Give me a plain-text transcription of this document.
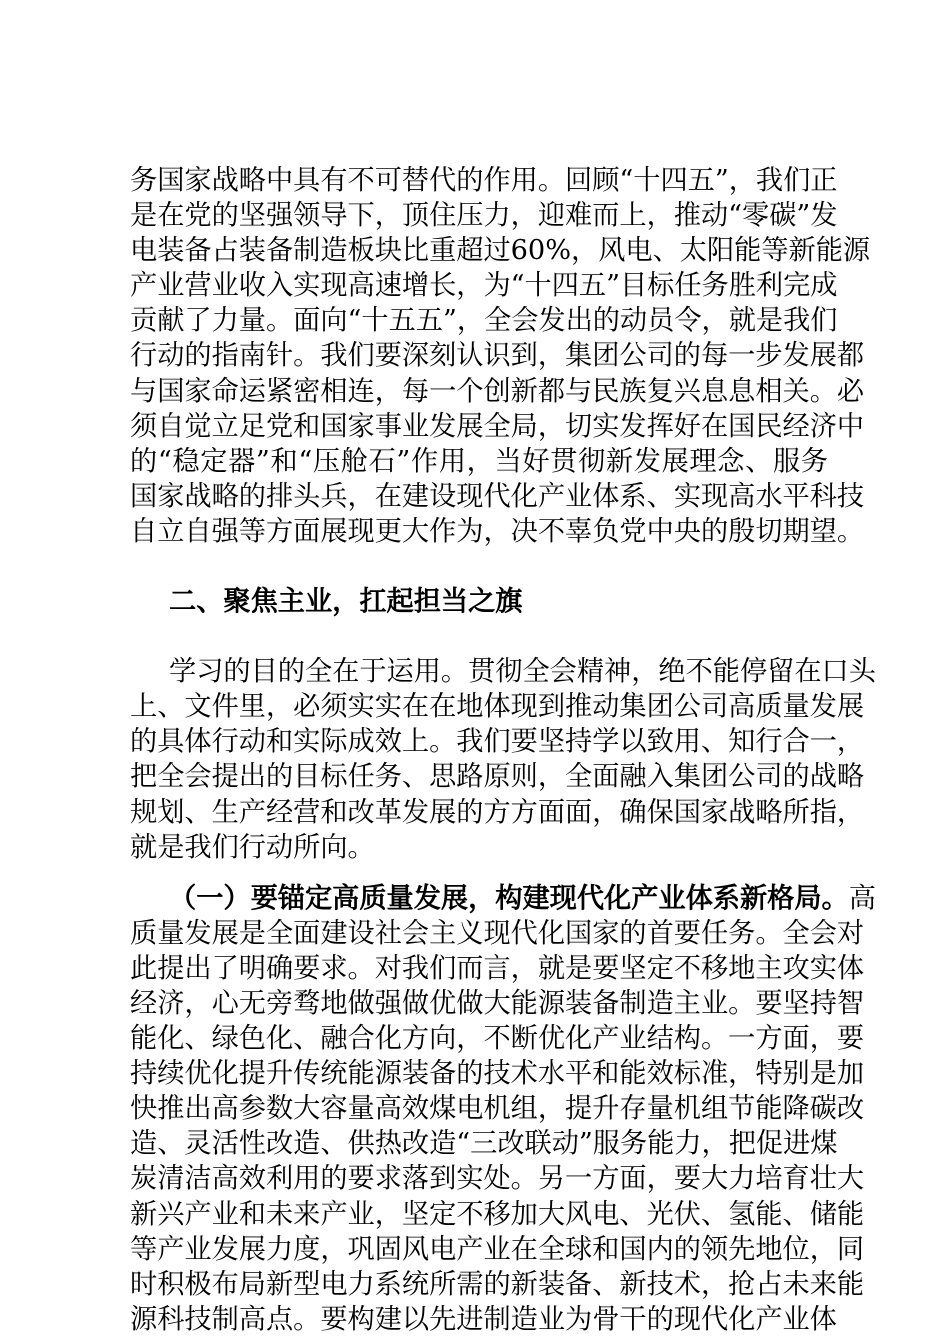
务国家战略中具有不可替代的作用。回顾“十四五”，我们正
是在党的坚强领导下，顶住压力，迎难而上，推动“零碳”发
电装备占装备制造板块比重超过60%，风电、太阳能等新能源
产业营业收入实现高速增长，为“十四五”目标任务胜利完成
贡献了力量。面向“十五五”，全会发出的动员令，就是我们
行动的指南针。我们要深刻认识到，集团公司的每一步发展都
与国家命运紧密相连，每一个创新都与民族复兴息息相关。必
须自觉立足党和国家事业发展全局，切实发挥好在国民经济中
的“稳定器”和“压舱石”作用，当好贯彻新发展理念、服务
国家战略的排头兵，在建设现代化产业体系、实现高水平科技
自立自强等方面展现更大作为，决不辜负党中央的殷切期望。
二、聚焦主业，扛起担当之旗
学习的目的全在于运用。贯彻全会精神，绝不能停留在口头
上、文件里，必须实实在在地体现到推动集团公司高质量发展
的具体行动和实际成效上。我们要坚持学以致用、知行合一，
把全会提出的目标任务、思路原则，全面融入集团公司的战略
规划、生产经营和改革发展的方方面面，确保国家战略所指，
就是我们行动所向。
（一）要锚定高质量发展，构建现代化产业体系新格局。高
质量发展是全面建设社会主义现代化国家的首要任务。全会对
此提出了明确要求。对我们而言，就是要坚定不移地主攻实体
经济，心无旁骛地做强做优做大能源装备制造主业。要坚持智
能化、绿色化、融合化方向，不断优化产业结构。一方面，要
持续优化提升传统能源装备的技术水平和能效标准，特别是加
快推出高参数大容量高效煤电机组，提升存量机组节能降碳改
造、灵活性改造、供热改造“三改联动”服务能力，把促进煤
炭清洁高效利用的要求落到实处。另一方面，要大力培育壮大
新兴产业和未来产业，坚定不移加大风电、光伏、氢能、储能
等产业发展力度，巩固风电产业在全球和国内的领先地位，同
时积极布局新型电力系统所需的新装备、新技术，抢占未来能
源科技制高点。要构建以先进制造业为骨干的现代化产业体
